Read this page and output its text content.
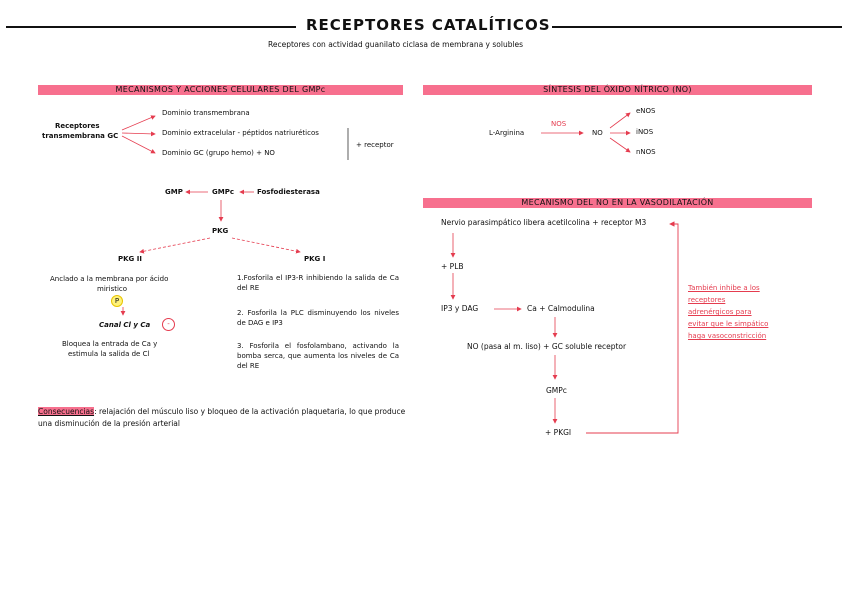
RECEPTORES CATALÍTICOS
Receptores con actividad guanilato ciclasa de membrana y solubles
MECANISMOS Y ACCIONES CELULARES DEL GMPc
Receptores
transmembrana GC
Dominio transmembrana
Dominio extracelular - péptidos natriuréticos
Dominio GC (grupo hemo) + NO
+ receptor
GMP	GMPc	Fosfodiesterasa
PKG
PKG II	PKG I
Anclado a la membrana por ácido
miristico
P
Canal Cl y Ca	-
Bloquea la entrada de Ca y
estimula la salida de Cl
1.Fosforila el IP3-R inhibiendo la salida de Ca del RE
2. Fosforila la PLC disminuyendo los niveles de DAG e IP3
3. Fosforila el fosfolambano, activando la bomba serca, que aumenta los niveles de Ca del RE
Consecuencias: relajación del músculo liso y bloqueo de la activación plaquetaria, lo que produce una disminución de la presión arterial
SÍNTESIS DEL ÓXIDO NÍTRICO (NO)
L-Arginina
NOS
NO
eNOS
iNOS
nNOS
MECANISMO DEL NO EN LA VASODILATACIÓN
Nervio parasimpático libera acetilcolina + receptor M3
+ PLB
IP3 y DAG	Ca + Calmodulina
NO (pasa al m. liso) + GC soluble receptor
GMPc
+ PKGI
También inhibe a los
receptores
adrenérgicos para
evitar que le simpático
haga vasoconstricción
